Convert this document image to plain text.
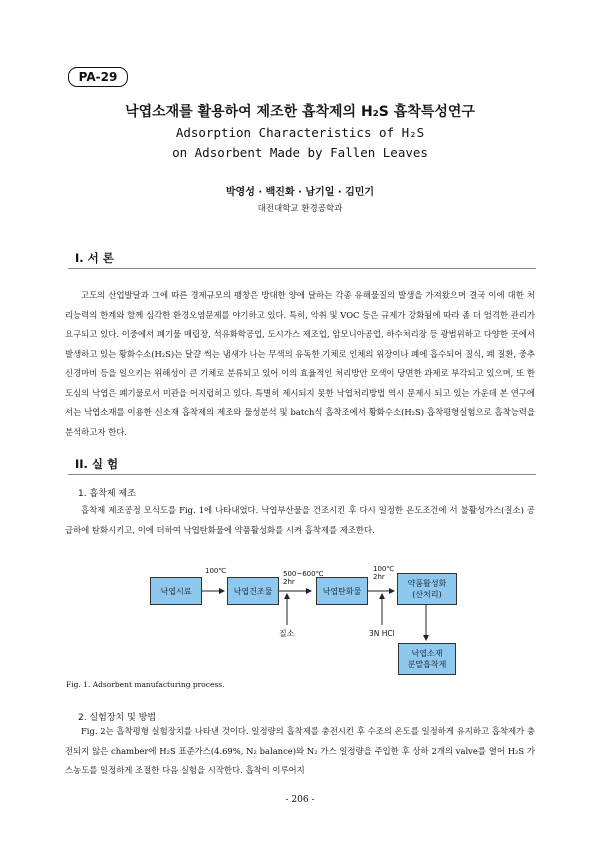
PA-29
낙엽소재를 활용하여 제조한 흡착제의 H₂S 흡착특성연구
Adsorption Characteristics of H₂S
on Adsorbent Made by Fallen Leaves
박영성 · 백진화 · 남기일 · 김민기
대전대학교 환경공학과
I. 서 론

고도의 산업발달과 그에 따른 경제규모의 팽창은 방대한 양에 달하는 각종 유해물질의 발생을 가져왔으며 결국 이에 대한 처리능력의 한계와 함께 심각한 환경오염문제를 야기하고 있다. 특히, 악취 및 VOC 등은 규제가 강화됨에 따라 좀 더 엄격한 관리가 요구되고 있다. 이중에서 폐기물 매립장, 석유화학공업, 도시가스 제조업, 암모니아공업, 하수처리장 등 광범위하고 다양한 곳에서 발생하고 있는 황화수소(H₂S)는 달걀 썩는 냄새가 나는 무색의 유독한 기체로 인체의 위장이나 폐에 흡수되어 질식, 폐 질환, 중추신경마비 등을 일으키는 위해성이 큰 기체로 분류되고 있어 이의 효율적인 처리방안 모색이 당면한 과제로 부각되고 있으며, 또 한 도심의 낙엽은 폐기물로서 미관을 어지럽히고 있다. 특별히 제시되지 못한 낙엽처리방법 역시 문제시 되고 있는 가운데 본 연구에서는 낙엽소재를 이용한 신소재 흡착제의 제조와 물성분석 및 batch식 흡착조에서 황화수소(H₂S) 흡착평형실험으로 흡착능력을 분석하고자 한다.

II. 실 험
1. 흡착제 제조

흡착제 제조공정 모식도를 Fig. 1에 나타내었다. 낙엽부산물을 건조시킨 후 다시 일정한 온도조건에 서 불활성가스(질소) 공급하에 탄화시키고, 이에 더하여 낙엽탄화물에 약품활성화를 시켜 흡착제를 제조한다.

낙엽시료	낙엽건조물	낙엽탄화물
약품활성화
(산처리)
낙엽소재
분말흡착제
100℃	500~600℃
2hr
100℃
2hr
질소	3N HCl
Fig. 1. Adsorbent manufacturing process.
2. 실험장치 및 방법

Fig. 2는 흡착평형 실험장치를 나타낸 것이다. 일정량의 흡착제를 충전시킨 후 수조의 온도를 일정하게 유지하고 흡착제가 충전되지 않은 chamber에 H₂S 표준가스(4.69%, N₂ balance)와 N₂ 가스 일정량을 주입한 후 상하 2개의 valve를 열어 H₂S 가스농도를 일정하게 조절한 다음 실험을 시작한다. 흡착이 이루어지

- 206 -
